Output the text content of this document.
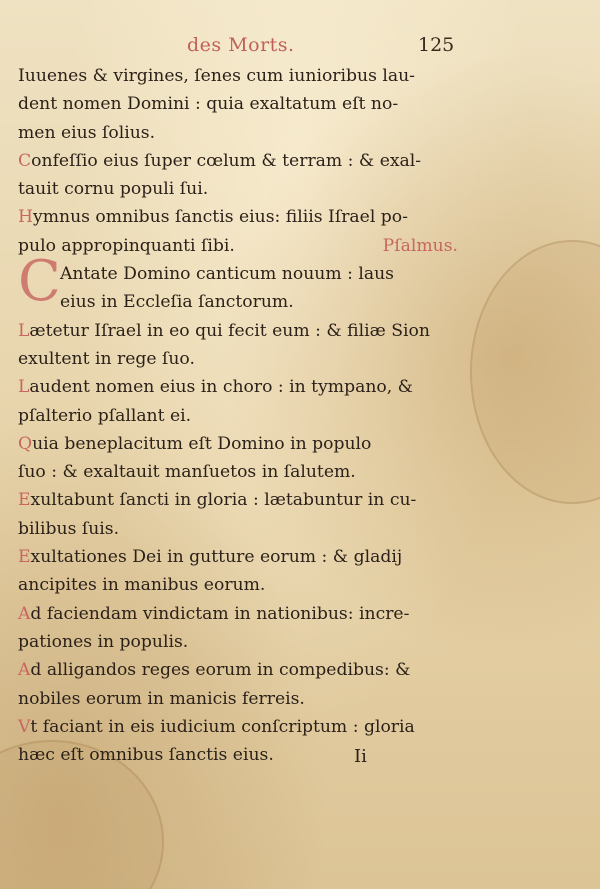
des Morts.	125
C
Iuuenes & virgines, ſenes cum iunioribus lau-
dent nomen Domini : quia exaltatum eſt no-
men eius ſolius.
Confeſſio eius ſuper cœlum & terram : & exal-
tauit cornu populi ſui.
Hymnus omnibus ſanctis eius: filiis Iſrael po-
pulo appropinquanti ſibi.	Pſalmus.
Antate Domino canticum nouum : laus
eius in Eccleſia ſanctorum.
Lætetur Iſrael in eo qui fecit eum : & filiæ Sion
exultent in rege ſuo.
Laudent nomen eius in choro : in tympano, &
pſalterio pſallant ei.
Quia beneplacitum eſt Domino in populo
ſuo : & exaltauit manſuetos in ſalutem.
Exultabunt ſancti in gloria : lætabuntur in cu-
bilibus ſuis.
Exultationes Dei in gutture eorum : & gladij
ancipites in manibus eorum.
Ad faciendam vindictam in nationibus: incre-
pationes in populis.
Ad alligandos reges eorum in compedibus: &
nobiles eorum in manicis ferreis.
Vt faciant in eis iudicium conſcriptum : gloria
hæc eſt omnibus ſanctis eius.	Ii
